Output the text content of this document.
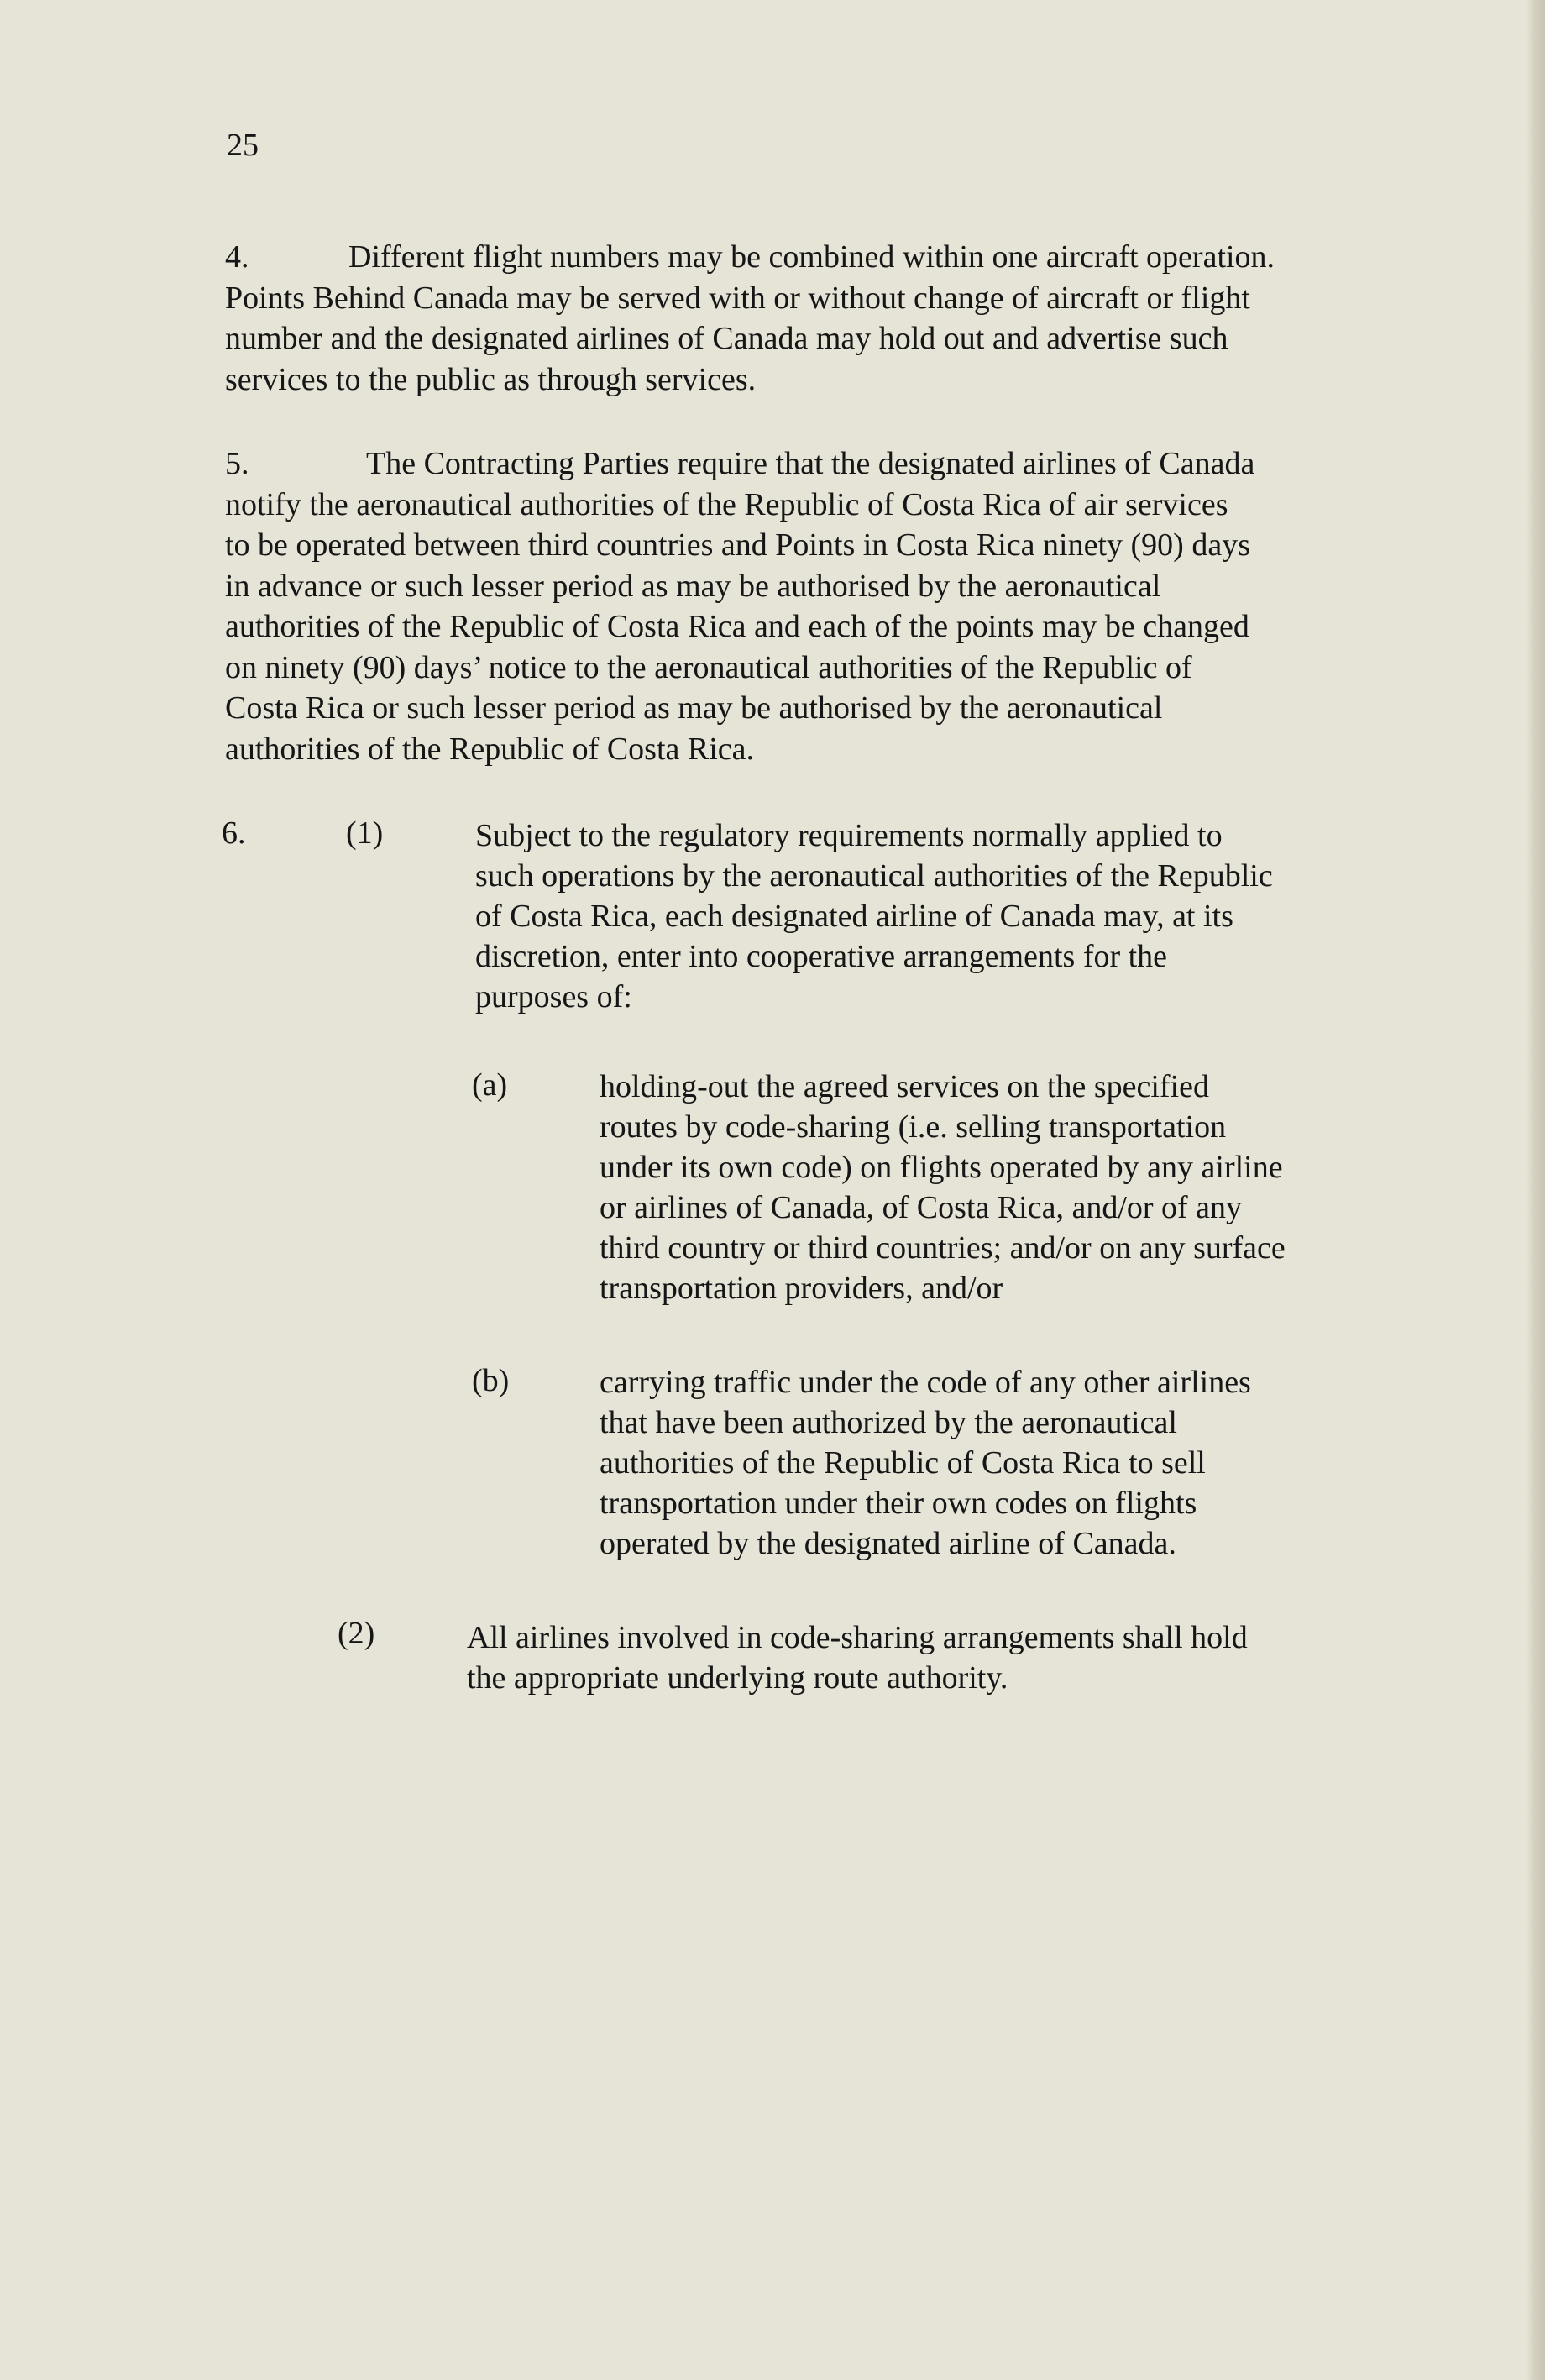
25
4.	Different flight numbers may be combined within one aircraft operation.
Points Behind Canada may be served with or without change of aircraft or flight
number and the designated airlines of Canada may hold out and advertise such
services to the public as through services.
5.	The Contracting Parties require that the designated airlines of Canada
notify the aeronautical authorities of the Republic of Costa Rica of air services
to be operated between third countries and Points in Costa Rica ninety (90) days
in advance or such lesser period as may be authorised by the aeronautical
authorities of the Republic of Costa Rica and each of the points may be changed
on ninety (90) days’ notice to the aeronautical authorities of the Republic of
Costa Rica or such lesser period as may be authorised by the aeronautical
authorities of the Republic of Costa Rica.
6.	(1)	Subject to the regulatory requirements normally applied to
such operations by the aeronautical authorities of the Republic
of Costa Rica, each designated airline of Canada may, at its
discretion, enter into cooperative arrangements for the
purposes of:
(a)	holding-out the agreed services on the specified
routes by code-sharing (i.e. selling transportation
under its own code) on flights operated by any airline
or airlines of Canada, of Costa Rica, and/or of any
third country or third countries; and/or on any surface
transportation providers, and/or
(b)	carrying traffic under the code of any other airlines
that have been authorized by the aeronautical
authorities of the Republic of Costa Rica to sell
transportation under their own codes on flights
operated by the designated airline of Canada.
(2)	All airlines involved in code-sharing arrangements shall hold
the appropriate underlying route authority.
